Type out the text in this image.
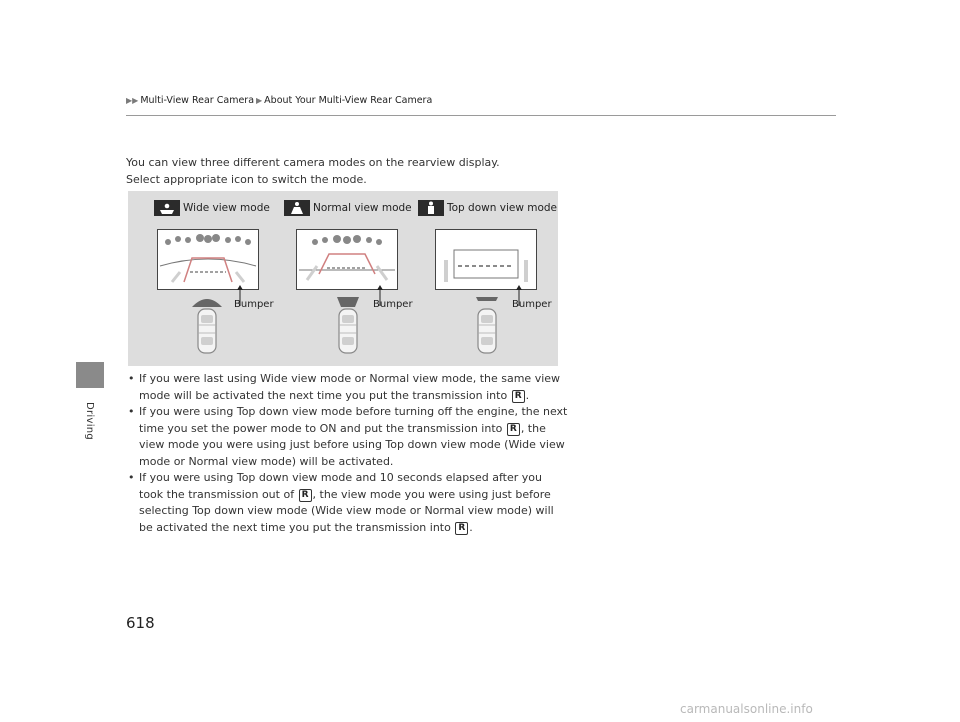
▶▶ Multi-View Rear Camera ▶ About Your Multi-View Rear Camera
Driving

You can view three different camera modes on the rearview display.

Select appropriate icon to switch the mode.

Wide view mode	Normal view mode	Top down view mode
Bumper	Bumper	Bumper
• If you were last using Wide view mode or Normal view mode, the same view mode will be activated the next time you put the transmission into R .
• If you were using Top down view mode before turning off the engine, the next time you set the power mode to ON and put the transmission into R , the view mode you were using just before using Top down view mode (Wide view mode or Normal view mode) will be activated.
• If you were using Top down view mode and 10 seconds elapsed after you took the transmission out of R , the view mode you were using just before selecting Top down view mode (Wide view mode or Normal view mode) will be activated the next time you put the transmission into R .
618
carmanualsonline.info
